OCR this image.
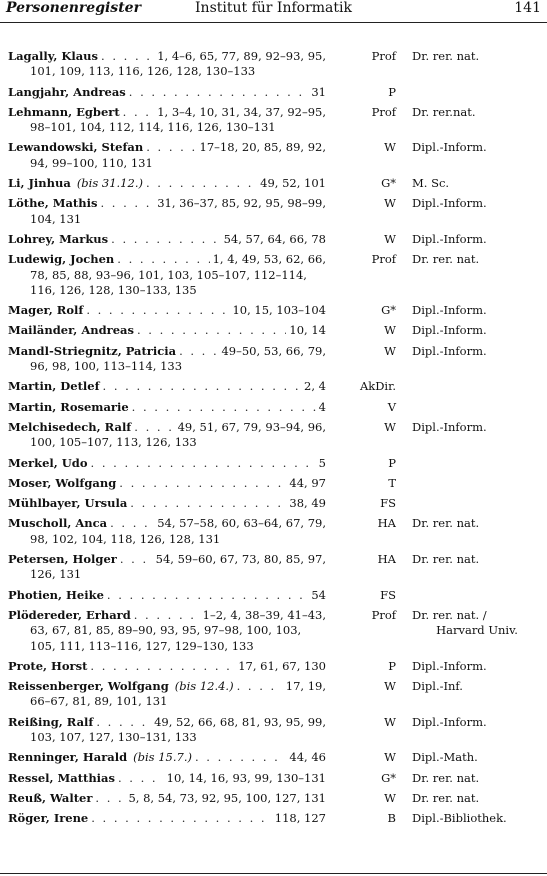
Personenregister	Institut für Informatik	141
Lagally, Klaus . . .	1, 4–6, 65, 77, 89, 92–93, 95,
101, 109, 113, 116, 126, 128, 130–133
Prof	Dr. rer. nat.
Langjahr, Andreas . . .	31	P
Lehmann, Egbert . . .	1, 3–4, 10, 31, 34, 37, 92–95,
98–101, 104, 112, 114, 116, 126, 130–131
Prof	Dr. rer.nat.
Lewandowski, Stefan . . .	17–18, 20, 85, 89, 92,
94, 99–100, 110, 131
W	Dipl.-Inform.
Li, Jinhua (bis 31.12.) . . .	49, 52, 101	G*	M. Sc.
Löthe, Mathis . . .	31, 36–37, 85, 92, 95, 98–99,
104, 131
W	Dipl.-Inform.
Lohrey, Markus . . .	54, 57, 64, 66, 78	W	Dipl.-Inform.
Ludewig, Jochen . . .	1, 4, 49, 53, 62, 66,
78, 85, 88, 93–96, 101, 103, 105–107, 112–114, 116, 126, 128, 130–133, 135
Prof	Dr. rer. nat.
Mager, Rolf . . .	10, 15, 103–104	G*	Dipl.-Inform.
Mailänder, Andreas . . .	10, 14	W	Dipl.-Inform.
Mandl-Striegnitz, Patricia . . .	49–50, 53, 66, 79,
96, 98, 100, 113–114, 133
W	Dipl.-Inform.
Martin, Detlef . . .	2, 4	AkDir.
Martin, Rosemarie . . .	4	V
Melchisedech, Ralf . . .	49, 51, 67, 79, 93–94, 96,
100, 105–107, 113, 126, 133
W	Dipl.-Inform.
Merkel, Udo . . .	5	P
Moser, Wolfgang . . .	44, 97	T
Mühlbayer, Ursula . . .	38, 49	FS
Muscholl, Anca . . .	54, 57–58, 60, 63–64, 67, 79,
98, 102, 104, 118, 126, 128, 131
HA	Dr. rer. nat.
Petersen, Holger . . .	54, 59–60, 67, 73, 80, 85, 97,
126, 131
HA	Dr. rer. nat.
Photien, Heike . . .	54	FS
Plödereder, Erhard . . .	1–2, 4, 38–39, 41–43,
63, 67, 81, 85, 89–90, 93, 95, 97–98, 100, 103, 105, 111, 113–116, 127, 129–130, 133
Prof	Dr. rer. nat. /
Harvard Univ.
Prote, Horst . . .	17, 61, 67, 130	P	Dipl.-Inform.
Reissenberger, Wolfgang (bis 12.4.) . . .	17, 19,
66–67, 81, 89, 101, 131
W	Dipl.-Inf.
Reißing, Ralf . . .	49, 52, 66, 68, 81, 93, 95, 99,
103, 107, 127, 130–131, 133
W	Dipl.-Inform.
Renninger, Harald (bis 15.7.) . . .	44, 46	W	Dipl.-Math.
Ressel, Matthias . . .	10, 14, 16, 93, 99, 130–131	G*	Dr. rer. nat.
Reuß, Walter . . .	5, 8, 54, 73, 92, 95, 100, 127, 131	W	Dr. rer. nat.
Röger, Irene . . .	118, 127	B	Dipl.-Bibliothek.
